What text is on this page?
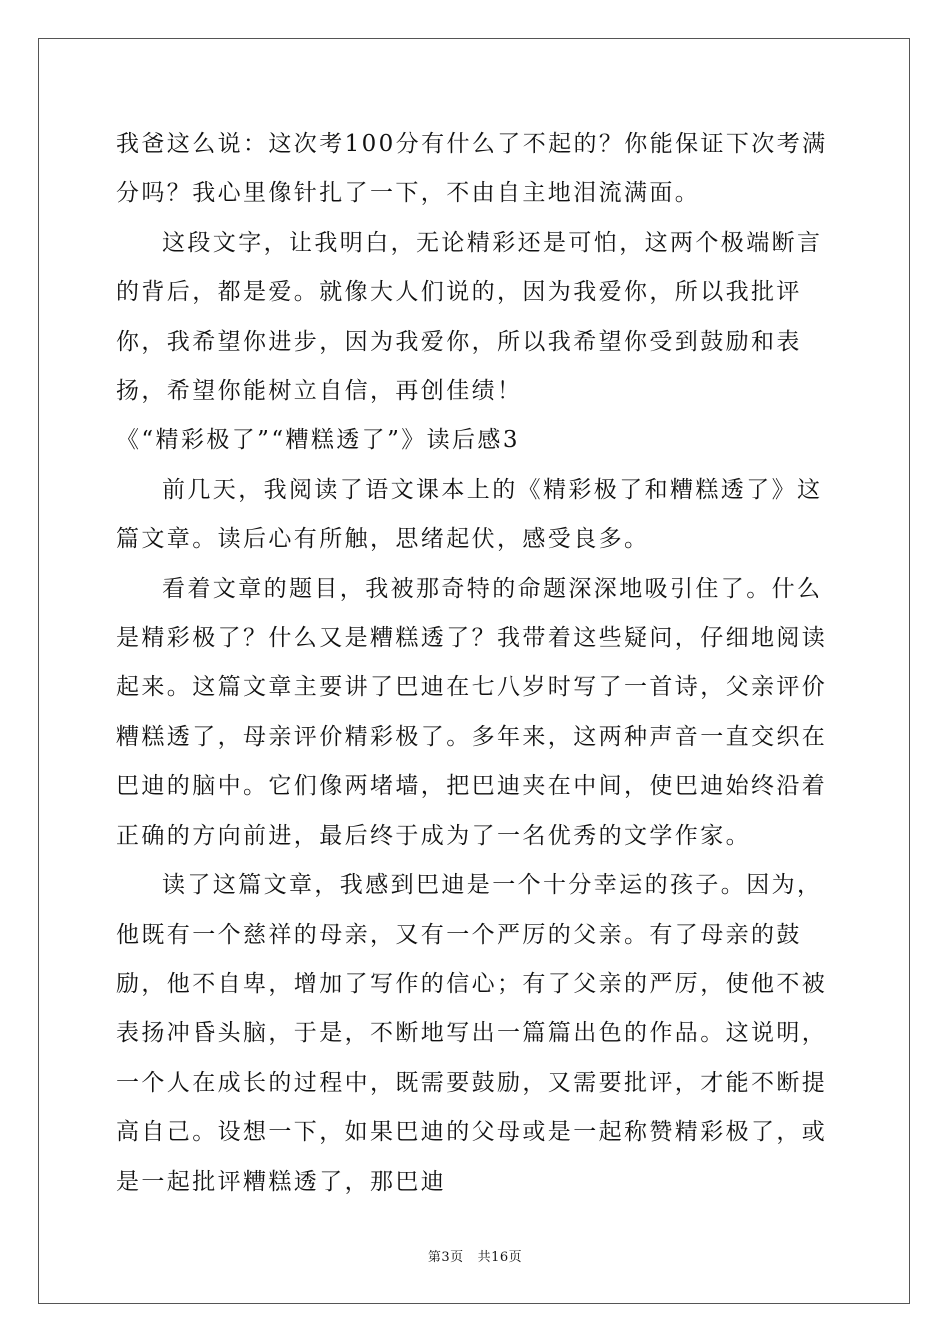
我爸这么说：这次考100分有什么了不起的？你能保证下次考满分吗？我心里像针扎了一下，不由自主地泪流满面。

这段文字，让我明白，无论精彩还是可怕，这两个极端断言的背后，都是爱。就像大人们说的，因为我爱你，所以我批评你，我希望你进步，因为我爱你，所以我希望你受到鼓励和表扬，希望你能树立自信，再创佳绩！

《“精彩极了”“糟糕透了”》读后感3

前几天，我阅读了语文课本上的《精彩极了和糟糕透了》这篇文章。读后心有所触，思绪起伏，感受良多。

看着文章的题目，我被那奇特的命题深深地吸引住了。什么是精彩极了？什么又是糟糕透了？我带着这些疑问，仔细地阅读起来。这篇文章主要讲了巴迪在七八岁时写了一首诗，父亲评价糟糕透了，母亲评价精彩极了。多年来，这两种声音一直交织在巴迪的脑中。它们像两堵墙，把巴迪夹在中间，使巴迪始终沿着正确的方向前进，最后终于成为了一名优秀的文学作家。

读了这篇文章，我感到巴迪是一个十分幸运的孩子。因为，他既有一个慈祥的母亲，又有一个严厉的父亲。有了母亲的鼓励，他不自卑，增加了写作的信心；有了父亲的严厉，使他不被表扬冲昏头脑，于是，不断地写出一篇篇出色的作品。这说明，一个人在成长的过程中，既需要鼓励，又需要批评，才能不断提高自己。设想一下，如果巴迪的父母或是一起称赞精彩极了，或是一起批评糟糕透了，那巴迪

第3页 共16页
